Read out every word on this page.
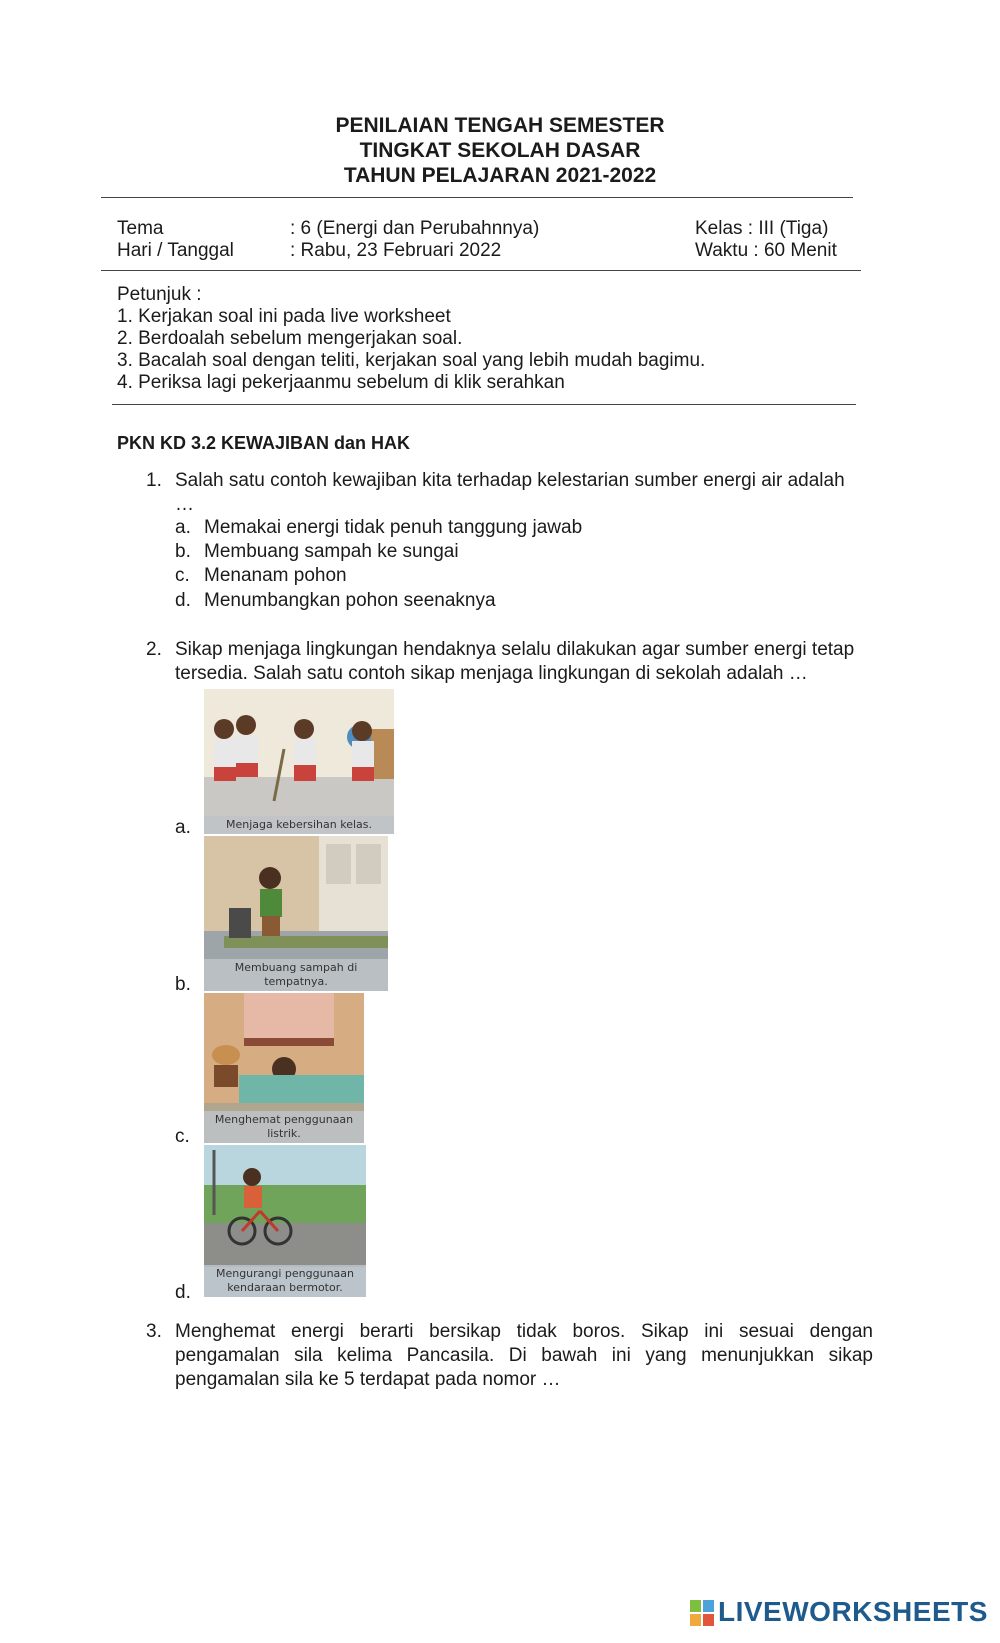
PENILAIAN TENGAH SEMESTER
TINGKAT SEKOLAH DASAR
TAHUN PELAJARAN 2021-2022
Tema	: 6 (Energi dan Perubahnnya)	Kelas : III (Tiga)
Hari / Tanggal	: Rabu, 23 Februari 2022	Waktu : 60 Menit
Petunjuk :
1. Kerjakan soal ini pada live worksheet
2. Berdoalah sebelum mengerjakan soal.
3. Bacalah soal dengan teliti, kerjakan soal yang lebih mudah bagimu.
4. Periksa lagi pekerjaanmu sebelum di klik serahkan
PKN KD 3.2 KEWAJIBAN dan HAK
1. Salah satu contoh kewajiban kita terhadap kelestarian sumber energi air adalah
…
a. Memakai energi tidak penuh tanggung jawab
b. Membuang sampah ke sungai
c. Menanam pohon
d. Menumbangkan pohon seenaknya
2. Sikap menjaga lingkungan hendaknya selalu dilakukan agar sumber energi tetap
tersedia. Salah satu contoh sikap menjaga lingkungan di sekolah adalah …
a.	Menjaga kebersihan kelas.
b.
Membuang sampah di tempatnya.
c.
Menghemat penggunaan listrik.
d.
Mengurangi penggunaan kendaraan bermotor.
3. Menghemat energi berarti bersikap tidak boros. Sikap ini sesuai dengan
pengamalan sila kelima Pancasila. Di bawah ini yang menunjukkan sikap
pengamalan sila ke 5 terdapat pada nomor …
LIVEWORKSHEETS
